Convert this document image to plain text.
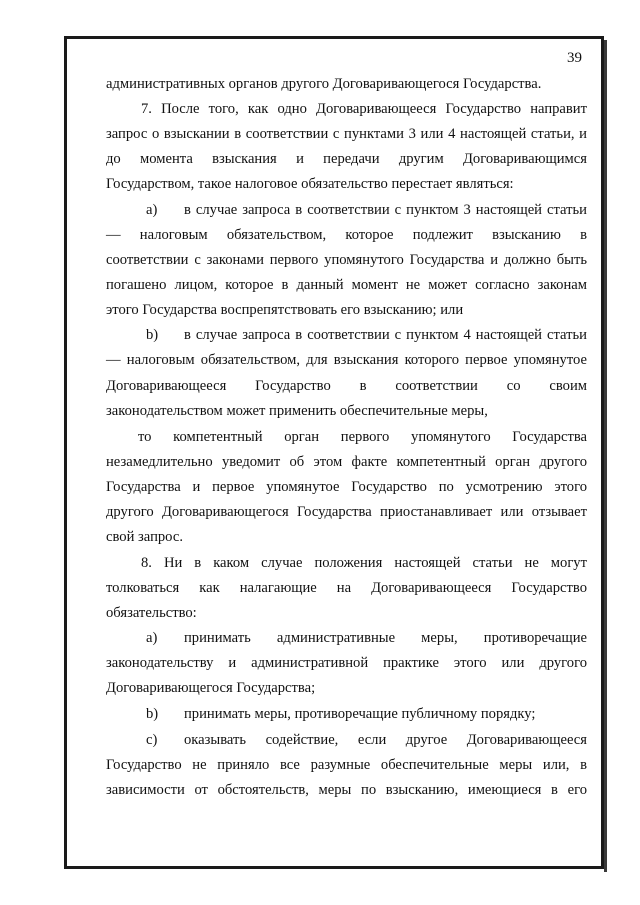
39
административных органов другого Договаривающегося Государства.
7. После того, как одно Договаривающееся Государство направит
запрос о взыскании в соответствии с пунктами 3 или 4 настоящей статьи, и
до момента взыскания и передачи другим Договаривающимся
Государством, такое налоговое обязательство перестает являться:
a) в случае запроса в соответствии с пунктом 3 настоящей статьи
— налоговым обязательством, которое подлежит взысканию в
соответствии с законами первого упомянутого Государства и должно быть
погашено лицом, которое в данный момент не может согласно законам
этого Государства воспрепятствовать его взысканию; или
b) в случае запроса в соответствии с пунктом 4 настоящей статьи
— налоговым обязательством, для взыскания которого первое упомянутое
Договаривающееся Государство в соответствии со своим
законодательством может применить обеспечительные меры,
то компетентный орган первого упомянутого Государства
незамедлительно уведомит об этом факте компетентный орган другого
Государства и первое упомянутое Государство по усмотрению этого
другого Договаривающегося Государства приостанавливает или отзывает
свой запрос.
8. Ни в каком случае положения настоящей статьи не могут
толковаться как налагающие на Договаривающееся Государство
обязательство:
а) принимать административные меры, противоречащие
законодательству и административной практике этого или другого
Договаривающегося Государства;
b) принимать меры, противоречащие публичному порядку;
c) оказывать содействие, если другое Договаривающееся
Государство не приняло все разумные обеспечительные меры или, в
зависимости от обстоятельств, меры по взысканию, имеющиеся в его
